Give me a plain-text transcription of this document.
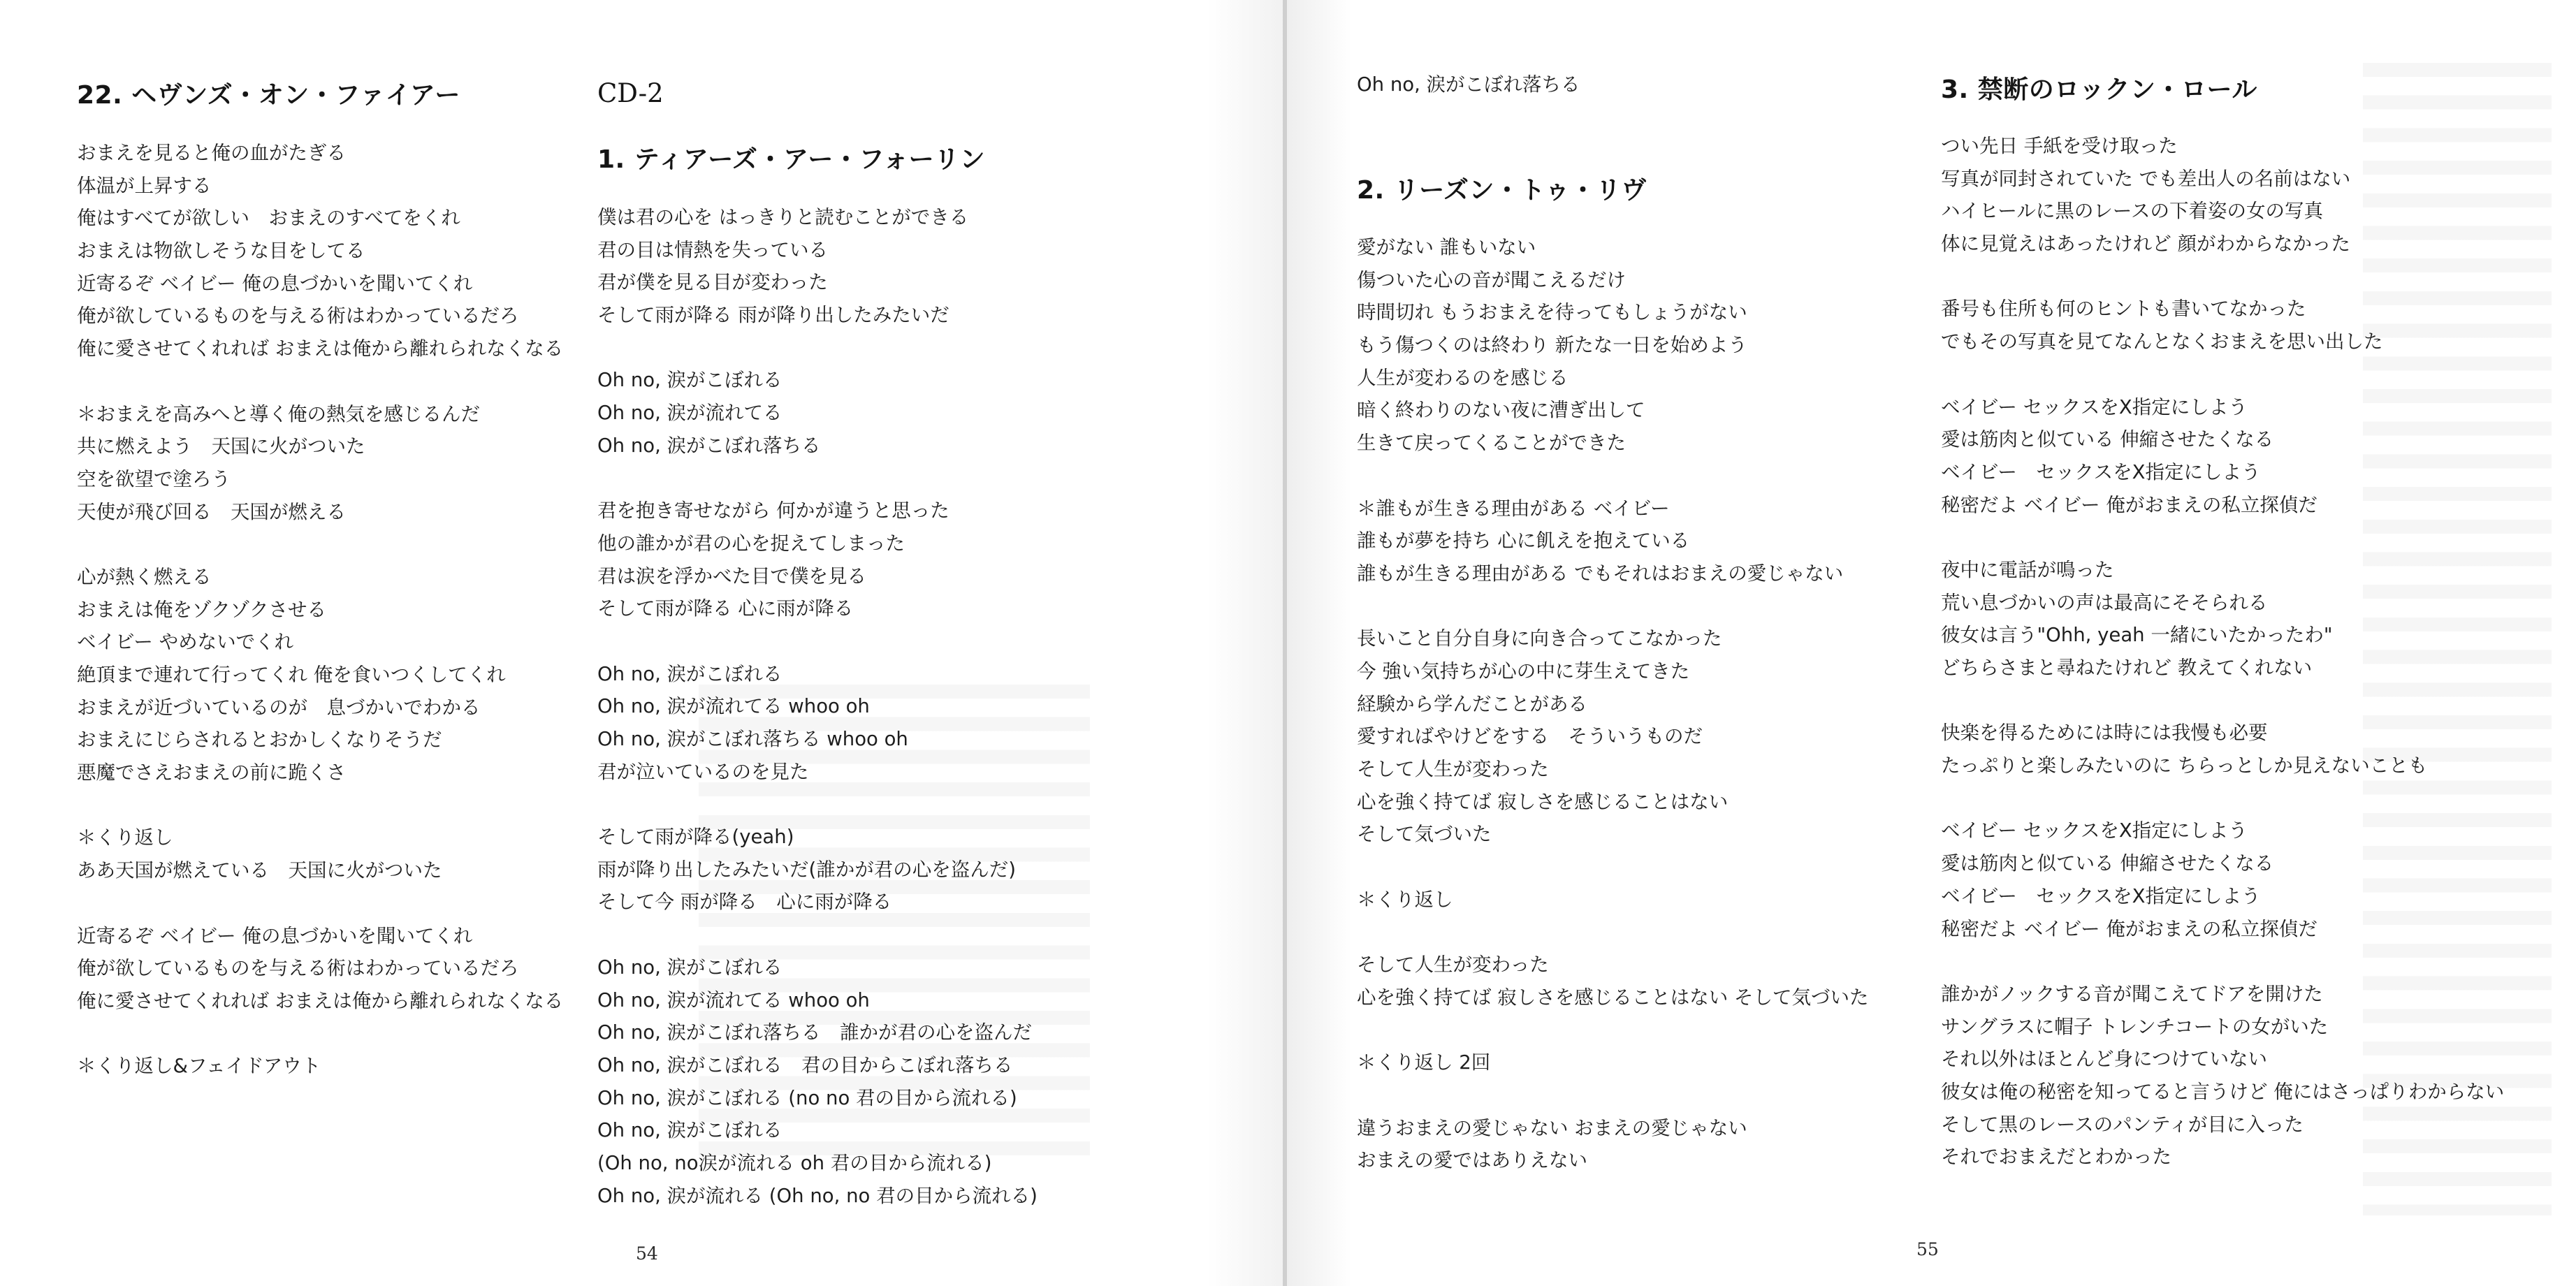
22. ヘヴンズ・オン・ファイアー
おまえを見ると俺の血がたぎる
体温が上昇する
俺はすべてが欲しい　おまえのすべてをくれ
おまえは物欲しそうな目をしてる
近寄るぞ ベイビー 俺の息づかいを聞いてくれ
俺が欲しているものを与える術はわかっているだろ
俺に愛させてくれれば おまえは俺から離れられなくなる

＊おまえを高みへと導く俺の熱気を感じるんだ
共に燃えよう　天国に火がついた
空を欲望で塗ろう
天使が飛び回る　天国が燃える

心が熱く燃える
おまえは俺をゾクゾクさせる
ベイビー やめないでくれ
絶頂まで連れて行ってくれ 俺を食いつくしてくれ
おまえが近づいているのが　息づかいでわかる
おまえにじらされるとおかしくなりそうだ
悪魔でさえおまえの前に跪くさ

＊くり返し
ああ天国が燃えている　天国に火がついた

近寄るぞ ベイビー 俺の息づかいを聞いてくれ
俺が欲しているものを与える術はわかっているだろ
俺に愛させてくれれば おまえは俺から離れられなくなる

＊くり返し&フェイドアウト
CD-2
1. ティアーズ・アー・フォーリン
僕は君の心を はっきりと読むことができる
君の目は情熱を失っている
君が僕を見る目が変わった
そして雨が降る 雨が降り出したみたいだ

Oh no, 涙がこぼれる
Oh no, 涙が流れてる
Oh no, 涙がこぼれ落ちる

君を抱き寄せながら 何かが違うと思った
他の誰かが君の心を捉えてしまった
君は涙を浮かべた目で僕を見る
そして雨が降る 心に雨が降る

Oh no, 涙がこぼれる
Oh no, 涙が流れてる whoo oh
Oh no, 涙がこぼれ落ちる whoo oh
君が泣いているのを見た

そして雨が降る(yeah)
雨が降り出したみたいだ(誰かが君の心を盗んだ)
そして今 雨が降る　心に雨が降る

Oh no, 涙がこぼれる
Oh no, 涙が流れてる whoo oh
Oh no, 涙がこぼれ落ちる　誰かが君の心を盗んだ
Oh no, 涙がこぼれる　君の目からこぼれ落ちる
Oh no, 涙がこぼれる (no no 君の目から流れる)
Oh no, 涙がこぼれる
(Oh no, no涙が流れる oh 君の目から流れる)
Oh no, 涙が流れる (Oh no, no 君の目から流れる)
54
Oh no, 涙がこぼれ落ちる
2. リーズン・トゥ・リヴ
愛がない 誰もいない
傷ついた心の音が聞こえるだけ
時間切れ もうおまえを待ってもしょうがない
もう傷つくのは終わり 新たな一日を始めよう
人生が変わるのを感じる
暗く終わりのない夜に漕ぎ出して
生きて戻ってくることができた

＊誰もが生きる理由がある ベイビー
誰もが夢を持ち 心に飢えを抱えている
誰もが生きる理由がある でもそれはおまえの愛じゃない

長いこと自分自身に向き合ってこなかった
今 強い気持ちが心の中に芽生えてきた
経験から学んだことがある
愛すればやけどをする　そういうものだ
そして人生が変わった
心を強く持てば 寂しさを感じることはない
そして気づいた

＊くり返し

そして人生が変わった
心を強く持てば 寂しさを感じることはない そして気づいた

＊くり返し 2回

違うおまえの愛じゃない おまえの愛じゃない
おまえの愛ではありえない
3. 禁断のロックン・ロール
つい先日 手紙を受け取った
写真が同封されていた でも差出人の名前はない
ハイヒールに黒のレースの下着姿の女の写真
体に見覚えはあったけれど 顔がわからなかった

番号も住所も何のヒントも書いてなかった
でもその写真を見てなんとなくおまえを思い出した

ベイビー セックスをX指定にしよう
愛は筋肉と似ている 伸縮させたくなる
ベイビー　セックスをX指定にしよう
秘密だよ ベイビー 俺がおまえの私立探偵だ

夜中に電話が鳴った
荒い息づかいの声は最高にそそられる
彼女は言う"Ohh, yeah 一緒にいたかったわ"
どちらさまと尋ねたけれど 教えてくれない

快楽を得るためには時には我慢も必要
たっぷりと楽しみたいのに ちらっとしか見えないことも

ベイビー セックスをX指定にしよう
愛は筋肉と似ている 伸縮させたくなる
ベイビー　セックスをX指定にしよう
秘密だよ ベイビー 俺がおまえの私立探偵だ

誰かがノックする音が聞こえてドアを開けた
サングラスに帽子 トレンチコートの女がいた
それ以外はほとんど身につけていない
彼女は俺の秘密を知ってると言うけど 俺にはさっぱりわからない
そして黒のレースのパンティが目に入った
それでおまえだとわかった
55
